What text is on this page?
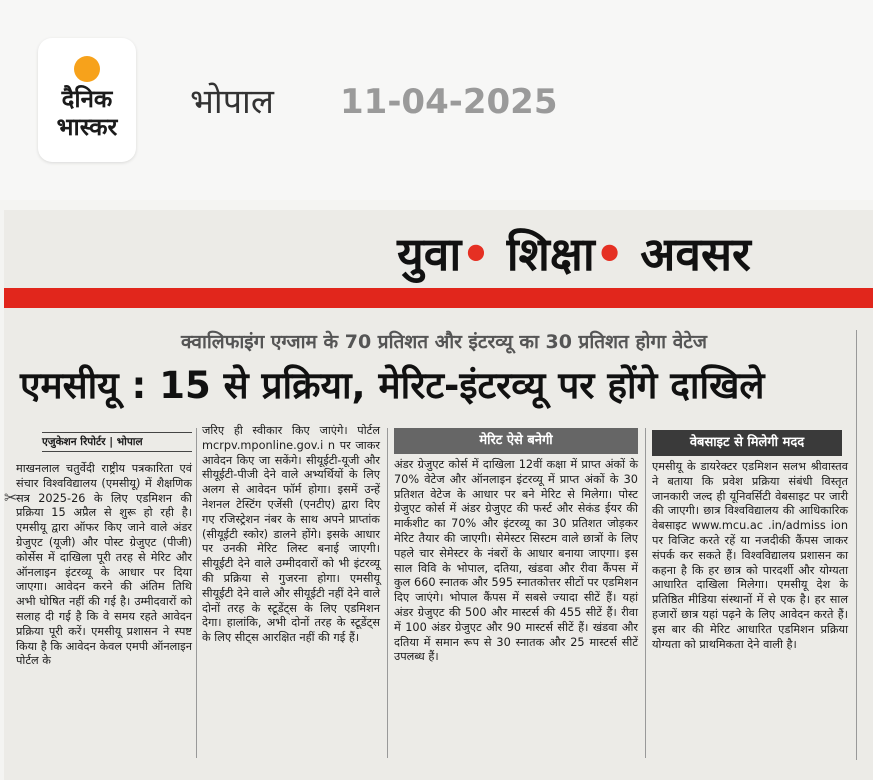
दैनिक
भास्कर
भोपाल 11-04-2025
युवा• शिक्षा• अवसर
क्वालिफाइंग एग्जाम के 70 प्रतिशत और इंटरव्यू का 30 प्रतिशत होगा वेटेज
एमसीयू : 15 से प्रक्रिया, मेरिट-इंटरव्यू पर होंगे दाखिले
एजुकेशन रिपोर्टर | भोपाल
✂
माखनलाल चतुर्वेदी राष्ट्रीय पत्रकारिता एवं संचार विश्वविद्यालय (एमसीयू) में शैक्षणिक सत्र 2025-26 के लिए एडमिशन की प्रक्रिया 15 अप्रैल से शुरू हो रही है। एमसीयू द्वारा ऑफर किए जाने वाले अंडर ग्रेजुएट (यूजी) और पोस्ट ग्रेजुएट (पीजी) कोर्सेस में दाखिला पूरी तरह से मेरिट और ऑनलाइन इंटरव्यू के आधार पर दिया जाएगा। आवेदन करने की अंतिम तिथि अभी घोषित नहीं की गई है। उम्मीदवारों को सलाह दी गई है कि वे समय रहते आवेदन प्रक्रिया पूरी करें। एमसीयू प्रशासन ने स्पष्ट किया है कि आवेदन केवल एमपी ऑनलाइन पोर्टल के
जरिए ही स्वीकार किए जाएंगे। पोर्टल mcrpv.mponline.gov.i n पर जाकर आवेदन किए जा सकेंगे। सीयूईटी-यूजी और सीयूईटी-पीजी देने वाले अभ्यर्थियों के लिए अलग से आवेदन फॉर्म होगा। इसमें उन्हें नेशनल टेस्टिंग एजेंसी (एनटीए) द्वारा दिए गए रजिस्ट्रेशन नंबर के साथ अपने प्राप्तांक (सीयूईटी स्कोर) डालने होंगे। इसके आधार पर उनकी मेरिट लिस्ट बनाई जाएगी। सीयूईटी देने वाले उम्मीदवारों को भी इंटरव्यू की प्रक्रिया से गुजरना होगा। एमसीयू सीयूईटी देने वाले और सीयूईटी नहीं देने वाले दोनों तरह के स्टूडेंट्स के लिए एडमिशन देगा। हालांकि, अभी दोनों तरह के स्टूडेंट्स के लिए सीट्स आरक्षित नहीं की गई हैं।
मेरिट ऐसे बनेगी
अंडर ग्रेजुएट कोर्स में दाखिला 12वीं कक्षा में प्राप्त अंकों के 70% वेटेज और ऑनलाइन इंटरव्यू में प्राप्त अंकों के 30 प्रतिशत वेटेज के आधार पर बने मेरिट से मिलेगा। पोस्ट ग्रेजुएट कोर्स में अंडर ग्रेजुएट की फर्स्ट और सेकंड ईयर की मार्कशीट का 70% और इंटरव्यू का 30 प्रतिशत जोड़कर मेरिट तैयार की जाएगी। सेमेस्टर सिस्टम वाले छात्रों के लिए पहले चार सेमेस्टर के नंबरों के आधार बनाया जाएगा। इस साल विवि के भोपाल, दतिया, खंडवा और रीवा कैंपस में कुल 660 स्नातक और 595 स्नातकोत्तर सीटों पर एडमिशन दिए जाएंगे। भोपाल कैंपस में सबसे ज्यादा सीटें हैं। यहां अंडर ग्रेजुएट की 500 और मास्टर्स की 455 सीटें हैं। रीवा में 100 अंडर ग्रेजुएट और 90 मास्टर्स सीटें हैं। खंडवा और दतिया में समान रूप से 30 स्नातक और 25 मास्टर्स सीटें उपलब्ध हैं।
वेबसाइट से मिलेगी मदद
एमसीयू के डायरेक्टर एडमिशन सलभ श्रीवास्तव ने बताया कि प्रवेश प्रक्रिया संबंधी विस्तृत जानकारी जल्द ही यूनिवर्सिटी वेबसाइट पर जारी की जाएगी। छात्र विश्वविद्यालय की आधिकारिक वेबसाइट www.mcu.ac .in/admiss ion पर विजिट करते रहें या नजदीकी कैंपस जाकर संपर्क कर सकते हैं। विश्वविद्यालय प्रशासन का कहना है कि हर छात्र को पारदर्शी और योग्यता आधारित दाखिला मिलेगा। एमसीयू देश के प्रतिष्ठित मीडिया संस्थानों में से एक है। हर साल हजारों छात्र यहां पढ़ने के लिए आवेदन करते हैं। इस बार की मेरिट आधारित एडमिशन प्रक्रिया योग्यता को प्राथमिकता देने वाली है।
